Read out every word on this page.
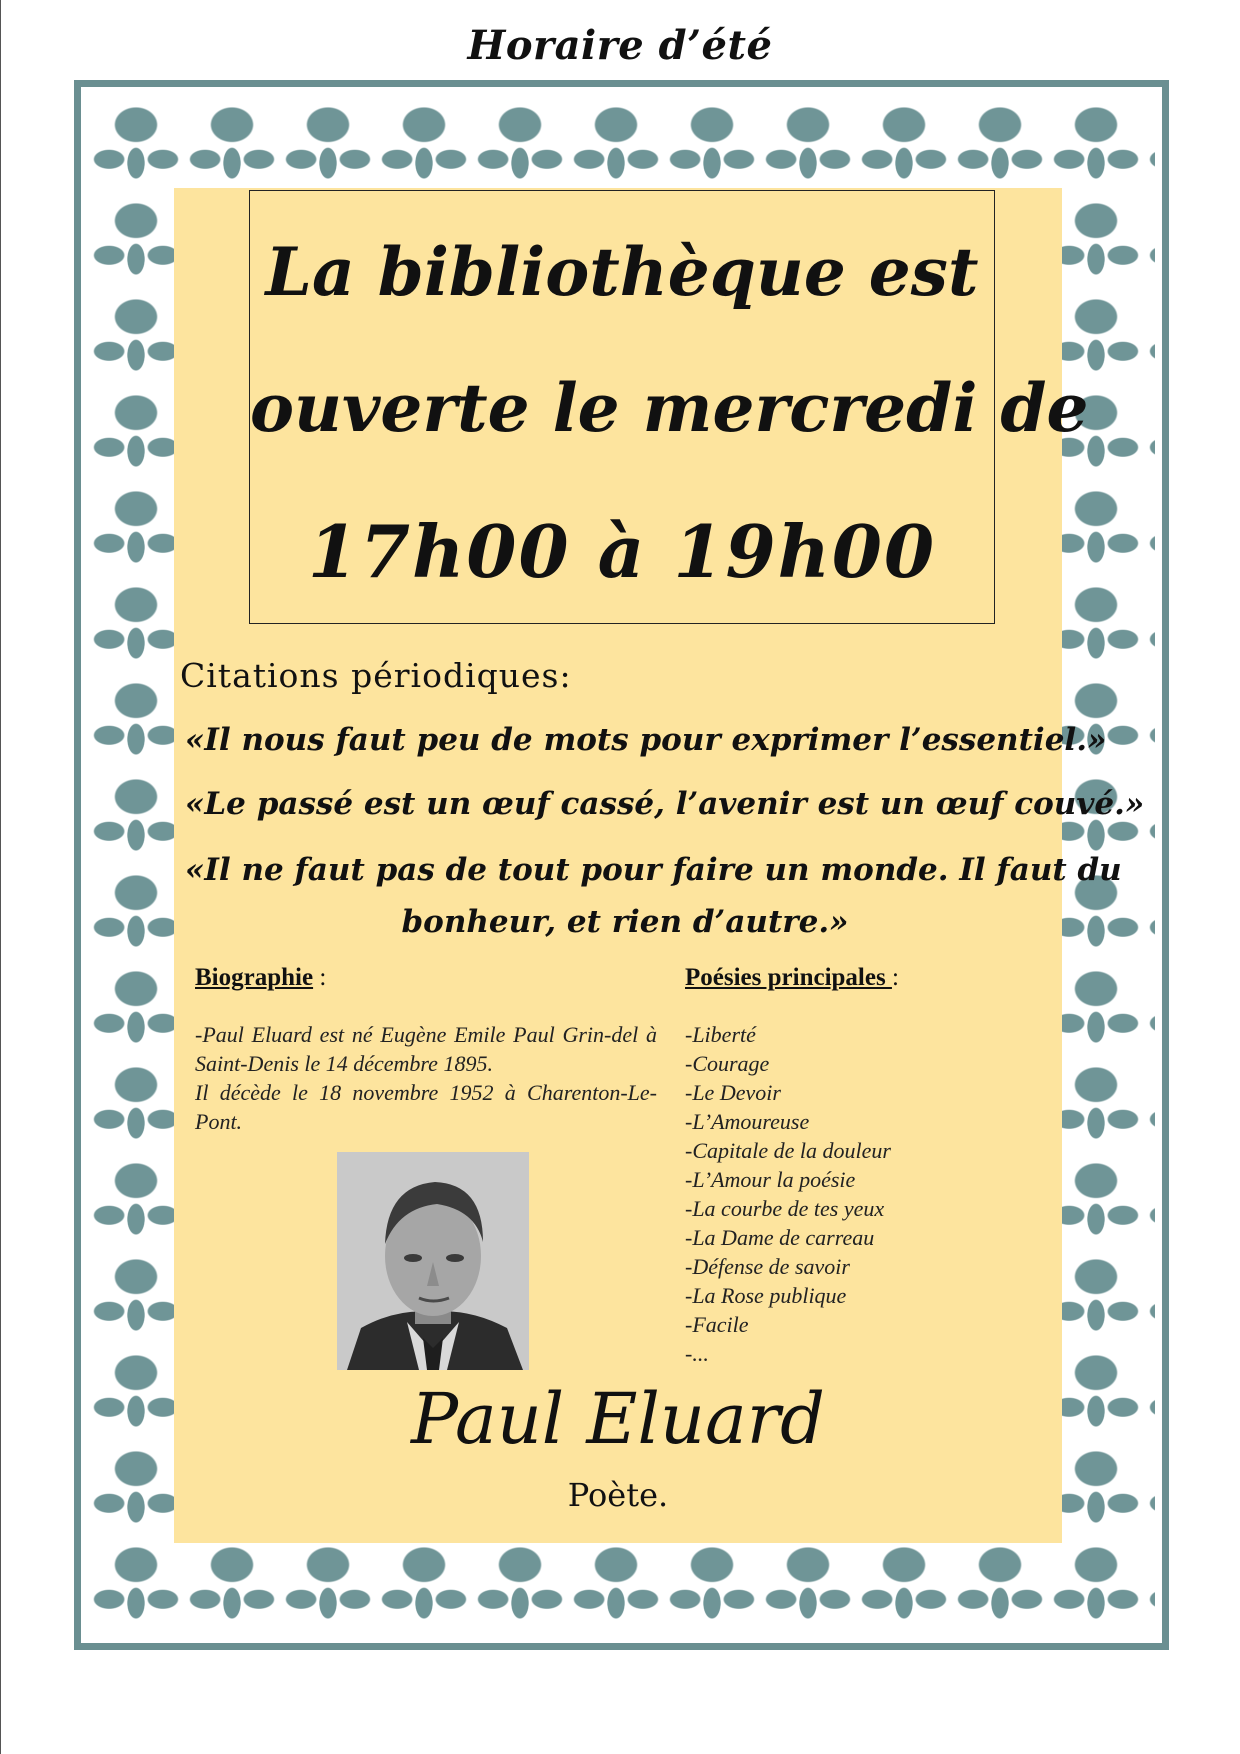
Horaire d’été
La bibliothèque est
ouverte le mercredi de
17h00 à 19h00
Citations périodiques:
«Il nous faut peu de mots pour exprimer l’essentiel.»
«Le passé est un œuf cassé, l’avenir est un œuf couvé.»
«Il ne faut pas de tout pour faire un monde. Il faut du
bonheur, et rien d’autre.»
Biographie :

-Paul Eluard est né Eugène Emile Paul Grin-del à Saint-Denis le 14 décembre 1895.

Il décède le 18 novembre 1952 à Charenton-Le-Pont.

Poésies principales :
-Liberté
-Courage
-Le Devoir
-L’Amoureuse
-Capitale de la douleur
-L’Amour la poésie
-La courbe de tes yeux
-La Dame de carreau
-Défense de savoir
-La Rose publique
-Facile
-...
Paul Eluard
Poète.
